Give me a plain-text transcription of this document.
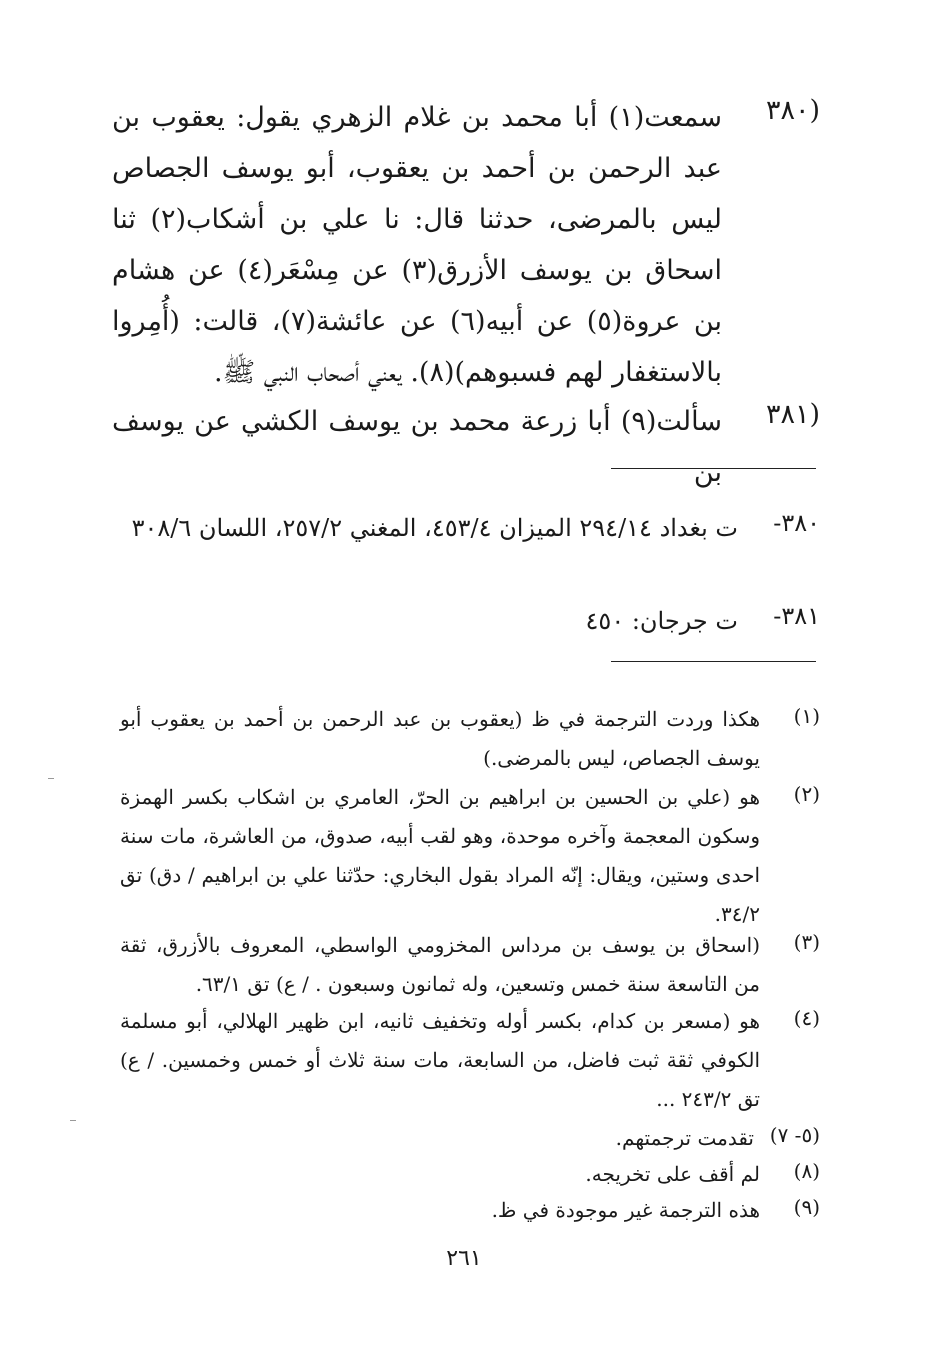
(٣٨٠
سمعت(١) أبا محمد بن غلام الزهري يقول: يعقوب بن عبد الرحمن بن أحمد بن يعقوب، أبو يوسف الجصاص ليس بالمرضى، حدثنا قال: نا علي بن أشكاب(٢) ثنا اسحاق بن يوسف الأزرق(٣) عن مِسْعَر(٤) عن هشام بن عروة(٥) عن أبيه(٦) عن عائشة(٧)، قالت: (أُمِروا بالاستغفار لهم فسبوهم)(٨). يعني أصحاب النبي ﷺ.
(٣٨١
سألت(٩) أبا زرعة محمد بن يوسف الكشي عن يوسف بن
٣٨٠-
ت بغداد ٢٩٤/١٤ الميزان ٤٥٣/٤، المغني ٢٥٧/٢، اللسان ٣٠٨/٦
٣٨١-
ت جرجان: ٤٥٠
(١)
هكذا وردت الترجمة في ظ (يعقوب بن عبد الرحمن بن أحمد بن يعقوب أبو يوسف الجصاص، ليس بالمرضى.)
(٢)
هو (علي بن الحسين بن ابراهيم بن الحرّ، العامري بن اشكاب بكسر الهمزة وسكون المعجمة وآخره موحدة، وهو لقب أبيه، صدوق، من العاشرة، مات سنة احدى وستين، ويقال: إنّه المراد بقول البخاري: حدّثنا علي بن ابراهيم / دق) تق ٣٤/٢.
(٣)
(اسحاق بن يوسف بن مرداس المخزومي الواسطي، المعروف بالأزرق، ثقة من التاسعة سنة خمس وتسعين، وله ثمانون وسبعون . / ع) تق ٦٣/١.
(٤)
هو (مسعر بن كدام، بكسر أوله وتخفيف ثانيه، ابن ظهير الهلالي، أبو مسلمة الكوفي ثقة ثبت فاضل، من السابعة، مات سنة ثلاث أو خمس وخمسين. / ع) تق ٢٤٣/٢ ...
(٥- ٧)
تقدمت ترجمتهم.
(٨)
لم أقف على تخريجه.
(٩)
هذه الترجمة غير موجودة في ظ.
٢٦١
